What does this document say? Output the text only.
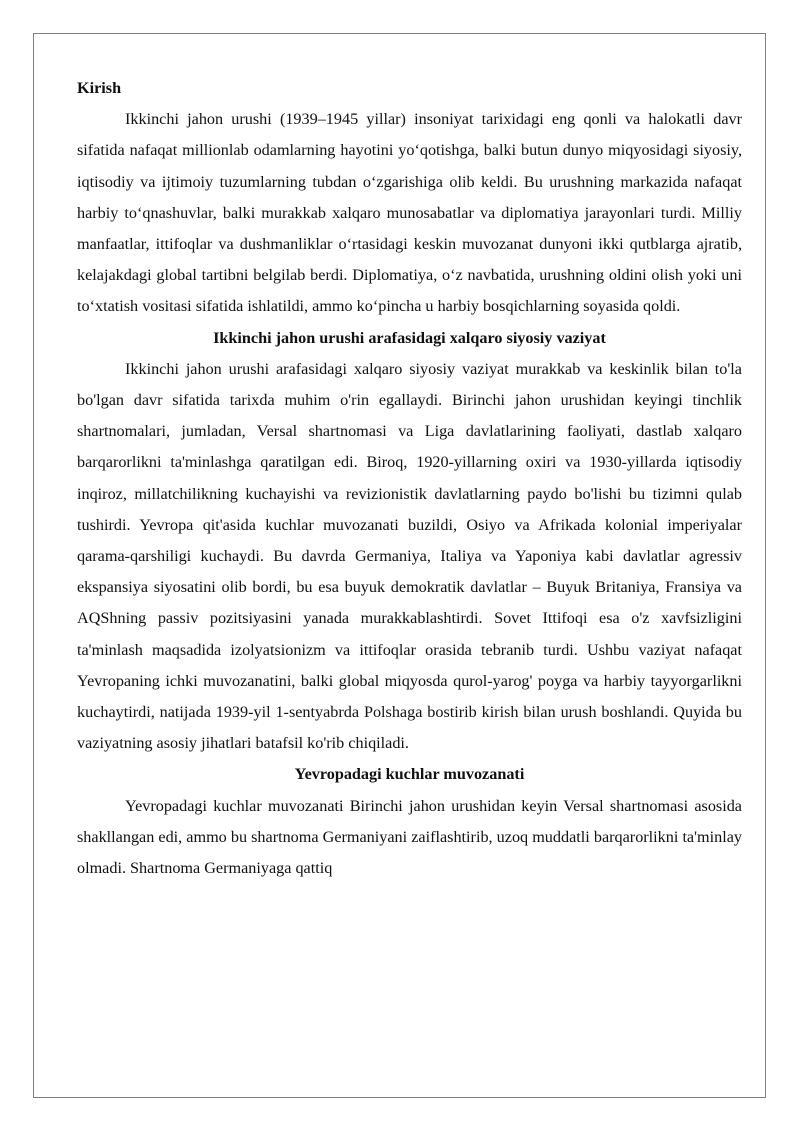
Kirish

Ikkinchi jahon urushi (1939–1945 yillar) insoniyat tarixidagi eng qonli va halokatli davr sifatida nafaqat millionlab odamlarning hayotini yo‘qotishga, balki butun dunyo miqyosidagi siyosiy, iqtisodiy va ijtimoiy tuzumlarning tubdan o‘zgarishiga olib keldi. Bu urushning markazida nafaqat harbiy to‘qnashuvlar, balki murakkab xalqaro munosabatlar va diplomatiya jarayonlari turdi. Milliy manfaatlar, ittifoqlar va dushmanliklar o‘rtasidagi keskin muvozanat dunyoni ikki qutblarga ajratib, kelajakdagi global tartibni belgilab berdi. Diplomatiya, o‘z navbatida, urushning oldini olish yoki uni to‘xtatish vositasi sifatida ishlatildi, ammo ko‘pincha u harbiy bosqichlarning soyasida qoldi.

Ikkinchi jahon urushi arafasidagi xalqaro siyosiy vaziyat

Ikkinchi jahon urushi arafasidagi xalqaro siyosiy vaziyat murakkab va keskinlik bilan to'la bo'lgan davr sifatida tarixda muhim o'rin egallaydi. Birinchi jahon urushidan keyingi tinchlik shartnomalari, jumladan, Versal shartnomasi va Liga davlatlarining faoliyati, dastlab xalqaro barqarorlikni ta'minlashga qaratilgan edi. Biroq, 1920-yillarning oxiri va 1930-yillarda iqtisodiy inqiroz, millatchilikning kuchayishi va revizionistik davlatlarning paydo bo'lishi bu tizimni qulab tushirdi. Yevropa qit'asida kuchlar muvozanati buzildi, Osiyo va Afrikada kolonial imperiyalar qarama-qarshiligi kuchaydi. Bu davrda Germaniya, Italiya va Yaponiya kabi davlatlar agressiv ekspansiya siyosatini olib bordi, bu esa buyuk demokratik davlatlar – Buyuk Britaniya, Fransiya va AQShning passiv pozitsiyasini yanada murakkablashtirdi. Sovet Ittifoqi esa o'z xavfsizligini ta'minlash maqsadida izolyatsionizm va ittifoqlar orasida tebranib turdi. Ushbu vaziyat nafaqat Yevropaning ichki muvozanatini, balki global miqyosda qurol-yarog' poyga va harbiy tayyorgarlikni kuchaytirdi, natijada 1939-yil 1-sentyabrda Polshaga bostirib kirish bilan urush boshlandi. Quyida bu vaziyatning asosiy jihatlari batafsil ko'rib chiqiladi.

Yevropadagi kuchlar muvozanati

Yevropadagi kuchlar muvozanati Birinchi jahon urushidan keyin Versal shartnomasi asosida shakllangan edi, ammo bu shartnoma Germaniyani zaiflashtirib, uzoq muddatli barqarorlikni ta'minlay olmadi. Shartnoma Germaniyaga qattiq
